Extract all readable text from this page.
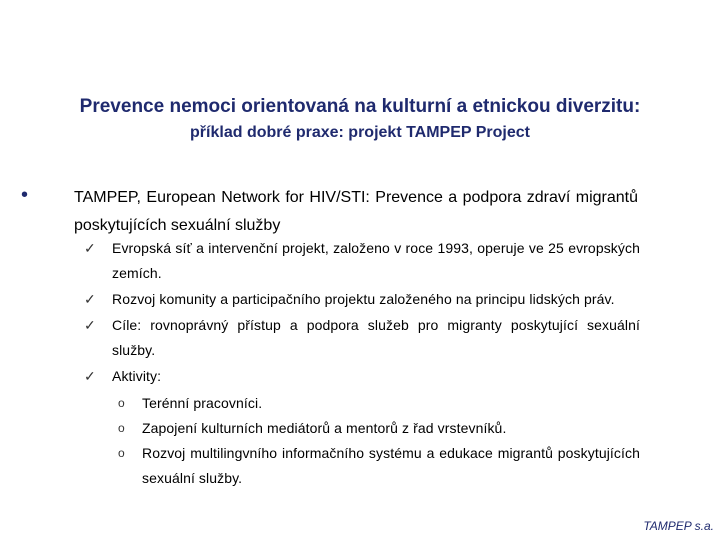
Prevence nemoci orientovaná na kulturní a etnickou diverzitu:
příklad dobré praxe: projekt TAMPEP Project
•	TAMPEP, European Network for HIV/STI: Prevence a podpora zdraví migrantů poskytujících sexuální služby
✓ Evropská síť a intervenční projekt, založeno v roce 1993, operuje ve 25 evropských zemích.
✓ Rozvoj komunity a participačního projektu založeného na principu lidských práv.
✓ Cíle: rovnoprávný přístup a podpora služeb pro migranty poskytující sexuální služby.
✓ Aktivity:
o Terénní pracovníci.
o Zapojení kulturních mediátorů a mentorů z řad vrstevníků.
o Rozvoj multilingvního informačního systému a edukace migrantů poskytujících sexuální služby.
TAMPEP s.a.
